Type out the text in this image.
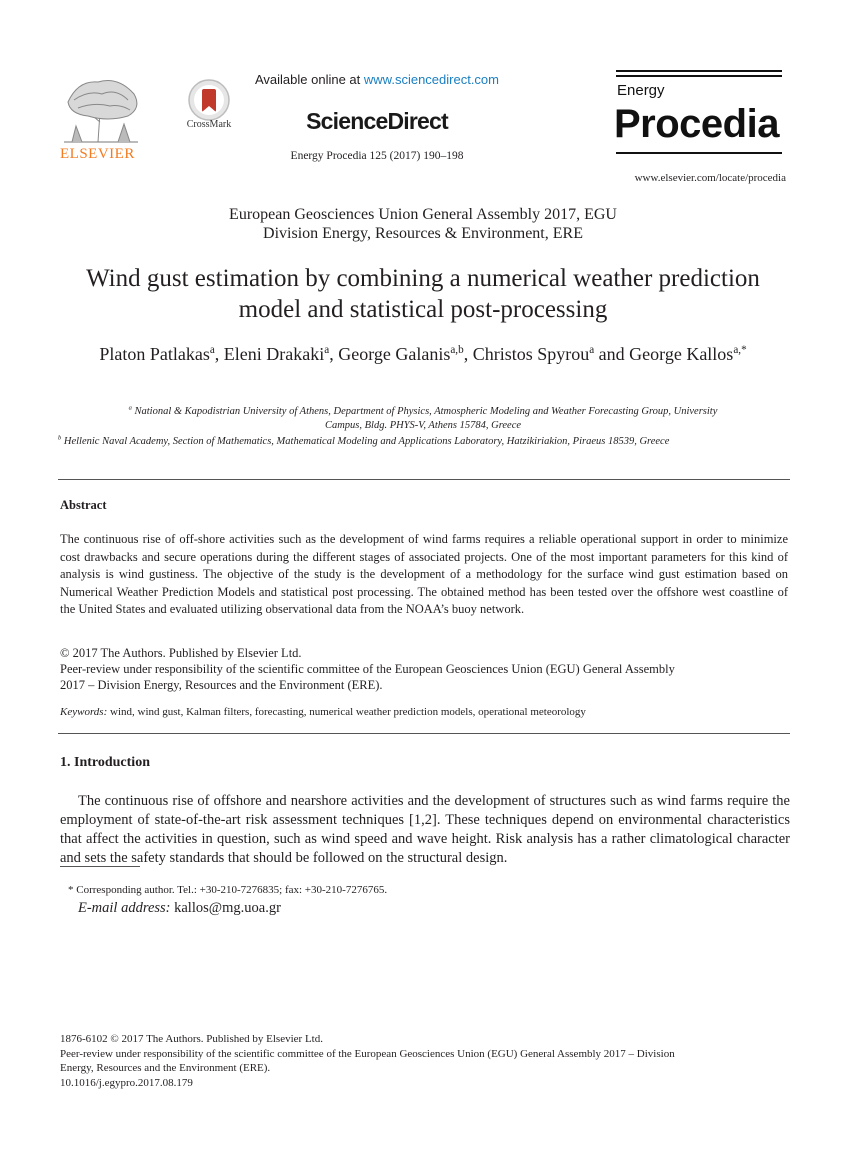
ELSEVIER
CrossMark
Available online at www.sciencedirect.com
ScienceDirect
Energy Procedia 125 (2017) 190–198
Energy
Procedia
www.elsevier.com/locate/procedia
European Geosciences Union General Assembly 2017, EGU
Division Energy, Resources & Environment, ERE
Wind gust estimation by combining a numerical weather prediction
model and statistical post-processing
Platon Patlakas$^a$, Eleni Drakaki$^a$, George Galanis$^{a,b}$, Christos Spyrou$^a$ and George Kallos$^{a,*}$
$^a$ National & Kapodistrian University of Athens, Department of Physics, Atmospheric Modeling and Weather Forecasting Group, University
Campus, Bldg. PHYS-V, Athens 15784, Greece
$^b$ Hellenic Naval Academy, Section of Mathematics, Mathematical Modeling and Applications Laboratory, Hatzikiriakion, Piraeus 18539, Greece
Abstract

The continuous rise of off-shore activities such as the development of wind farms requires a reliable operational support in order to minimize cost drawbacks and secure operations during the different stages of associated projects. One of the most important parameters for this kind of analysis is wind gustiness. The objective of the study is the development of a methodology for the surface wind gust estimation based on Numerical Weather Prediction Models and statistical post processing. The obtained method has been tested over the offshore west coastline of the United States and evaluated utilizing observational data from the NOAA’s buoy network.

© 2017 The Authors. Published by Elsevier Ltd.
Peer-review under responsibility of the scientific committee of the European Geosciences Union (EGU) General Assembly
2017 – Division Energy, Resources and the Environment (ERE).
Keywords: wind, wind gust, Kalman filters, forecasting, numerical weather prediction models, operational meteorology
1. Introduction

The continuous rise of offshore and nearshore activities and the development of structures such as wind farms require the employment of state-of-the-art risk assessment techniques [1,2]. These techniques depend on environmental characteristics that affect the activities in question, such as wind speed and wave height. Risk analysis has a rather climatological character and sets the safety standards that should be followed on the structural design.

* Corresponding author. Tel.: +30-210-7276835; fax: +30-210-7276765.
E-mail address: kallos@mg.uoa.gr
1876-6102 © 2017 The Authors. Published by Elsevier Ltd.
Peer-review under responsibility of the scientific committee of the European Geosciences Union (EGU) General Assembly 2017 – Division
Energy, Resources and the Environment (ERE).
10.1016/j.egypro.2017.08.179
